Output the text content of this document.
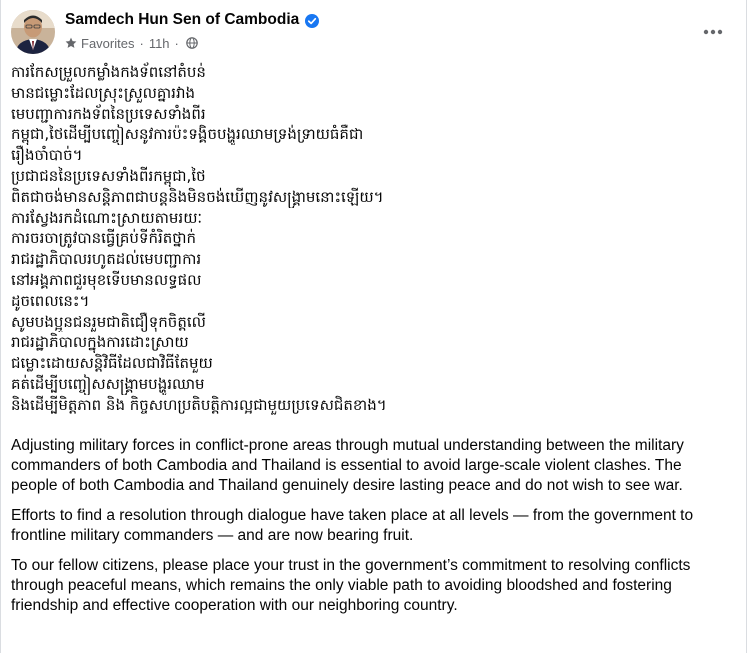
Samdech Hun Sen of Cambodia
Favorites · 11h ·
ការកែសម្រួលកម្លាំងកងទ័ពនៅតំបន់
មានជម្លោះដែលស្រុះស្រួលគ្នារវាង
មេបញ្ជាការកងទ័ពនៃប្រទេសទាំងពីរ
កម្ពុជា,ថៃដើម្បីបញ្ចៀសនូវការប៉ះទង្គិចបង្ហូរឈាមទ្រង់ទ្រាយធំគឺជា
រឿងចាំបាច់។
ប្រជាជននៃប្រទេសទាំងពីរកម្ពុជា,ថៃ
ពិតជាចង់មានសន្តិភាពជាបន្តនិងមិនចង់ឃើញនូវសង្គ្រាមនោះឡើយ។
ការស្វែងរកដំណោះស្រាយតាមរយៈ
ការចរចាត្រូវបានធ្វើគ្រប់ទីកំរិតថ្នាក់
រាជរដ្ឋាភិបាលរហូតដល់មេបញ្ជាការ
នៅអង្គភាពជួរមុខទើបមានលទ្ធផល
ដូចពេលនេះ។
សូមបងប្អូនជនរួមជាតិជឿទុកចិត្តលើ
រាជរដ្ឋាភិបាលក្នុងការដោះស្រាយ
ជម្លោះដោយសន្តិវិធីដែលជាវិធីតែមួយ
គត់ដើម្បីបញ្ចៀសសង្គ្រាមបង្ហូរឈាម
និងដើម្បីមិត្តភាព និង កិច្ចសហប្រតិបត្តិការល្អជាមួយប្រទេសជិតខាង។

Adjusting military forces in conflict-prone areas through mutual understanding between the military commanders of both Cambodia and Thailand is essential to avoid large-scale violent clashes. The people of both Cambodia and Thailand genuinely desire lasting peace and do not wish to see war.

Efforts to find a resolution through dialogue have taken place at all levels — from the government to frontline military commanders — and are now bearing fruit.

To our fellow citizens, please place your trust in the government’s commitment to resolving conflicts through peaceful means, which remains the only viable path to avoiding bloodshed and fostering friendship and effective cooperation with our neighboring country.
